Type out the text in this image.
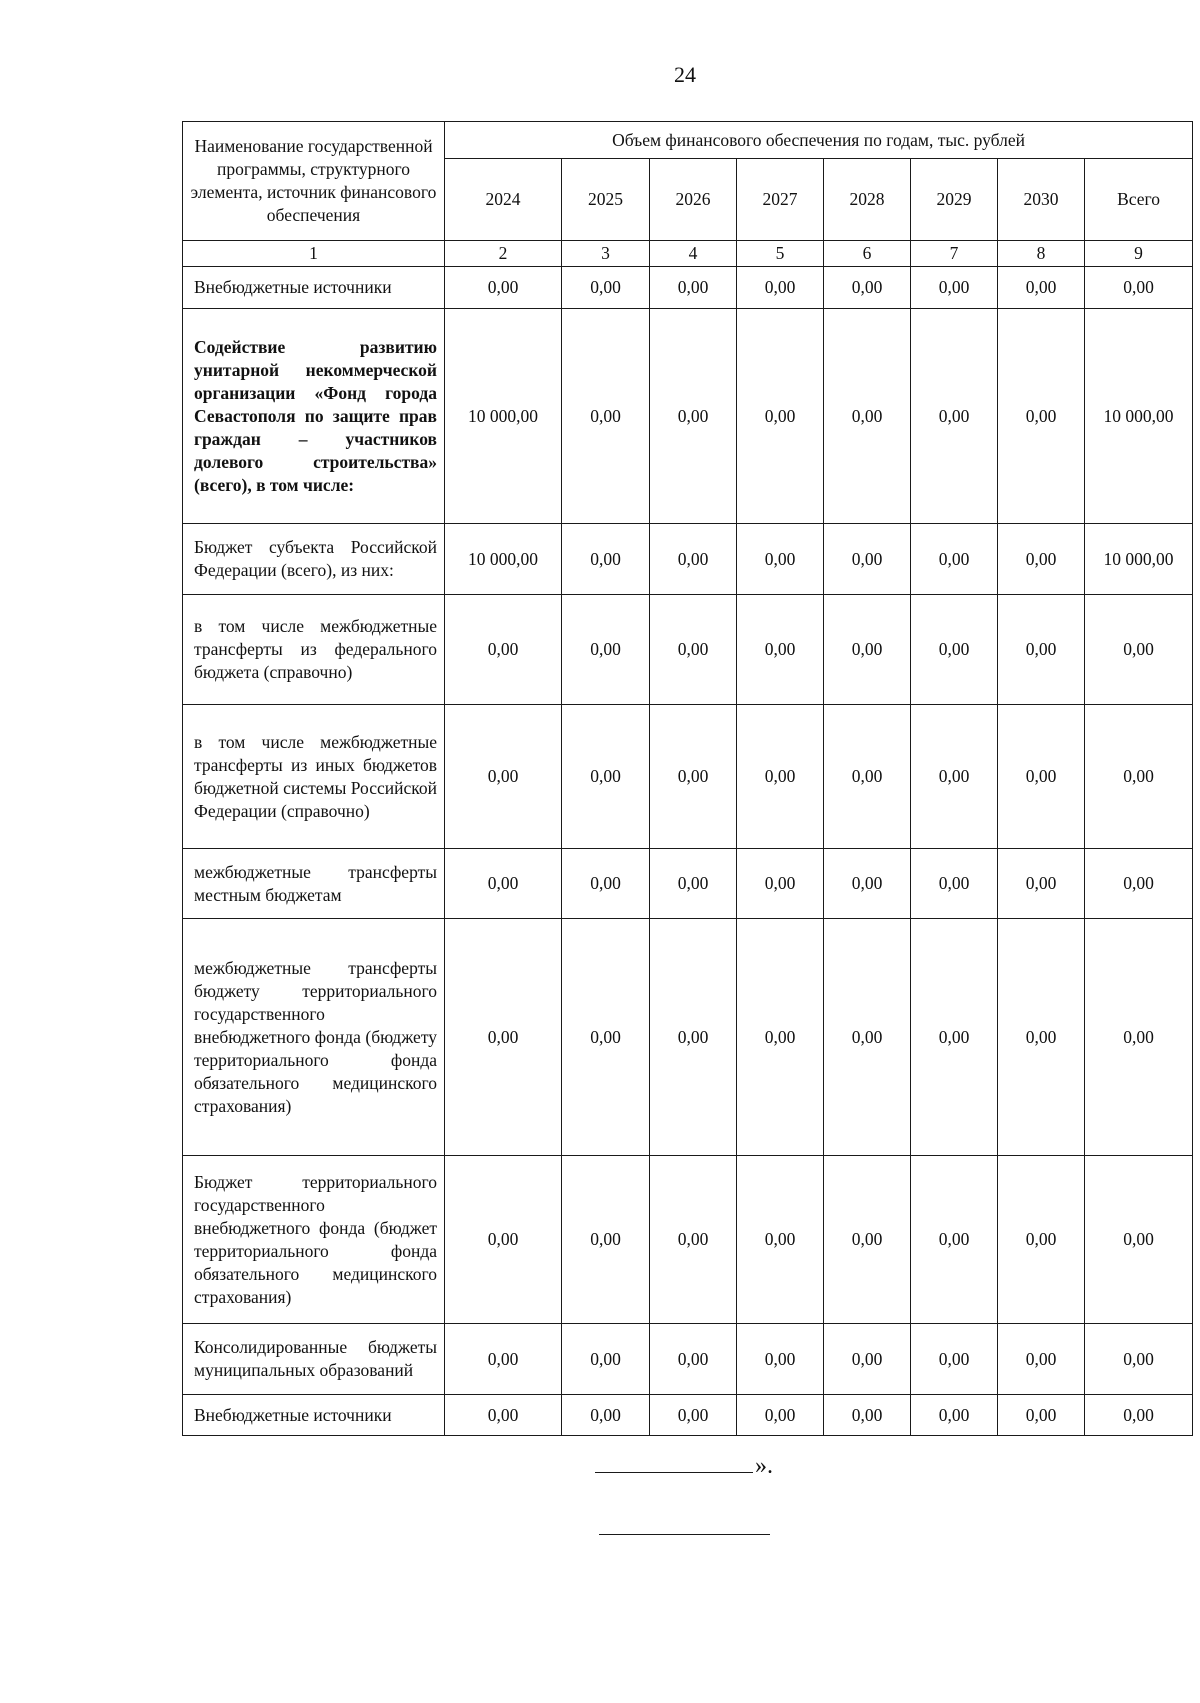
24
Наименование государственной программы, структурного элемента, источник финансового обеспечения	Объем финансового обеспечения по годам, тыс. рублей							
	2024	2025	2026	2027	2028	2029	2030	Всего
1	2	3	4	5	6	7	8	9
Внебюджетные источники	0,00	0,00	0,00	0,00	0,00	0,00	0,00	0,00
Содействие развитию унитарной некоммерческой организации «Фонд города Севастополя по защите прав граждан – участников долевого строительства» (всего), в том числе:	10 000,00	0,00	0,00	0,00	0,00	0,00	0,00	10 000,00
Бюджет субъекта Российской Федерации (всего), из них:	10 000,00	0,00	0,00	0,00	0,00	0,00	0,00	10 000,00
в том числе межбюджетные трансферты из федерального бюджета (справочно)	0,00	0,00	0,00	0,00	0,00	0,00	0,00	0,00
в том числе межбюджетные трансферты из иных бюджетов бюджетной системы Российской Федерации (справочно)	0,00	0,00	0,00	0,00	0,00	0,00	0,00	0,00
межбюджетные трансферты местным бюджетам	0,00	0,00	0,00	0,00	0,00	0,00	0,00	0,00
межбюджетные трансферты бюджету территориального государственного внебюджетного фонда (бюджету территориального фонда обязательного медицинского страхования)	0,00	0,00	0,00	0,00	0,00	0,00	0,00	0,00
Бюджет территориального государственного внебюджетного фонда (бюджет территориального фонда обязательного медицинского страхования)	0,00	0,00	0,00	0,00	0,00	0,00	0,00	0,00
Консолидированные бюджеты муниципальных образований	0,00	0,00	0,00	0,00	0,00	0,00	0,00	0,00
Внебюджетные источники	0,00	0,00	0,00	0,00	0,00	0,00	0,00	0,00
».
